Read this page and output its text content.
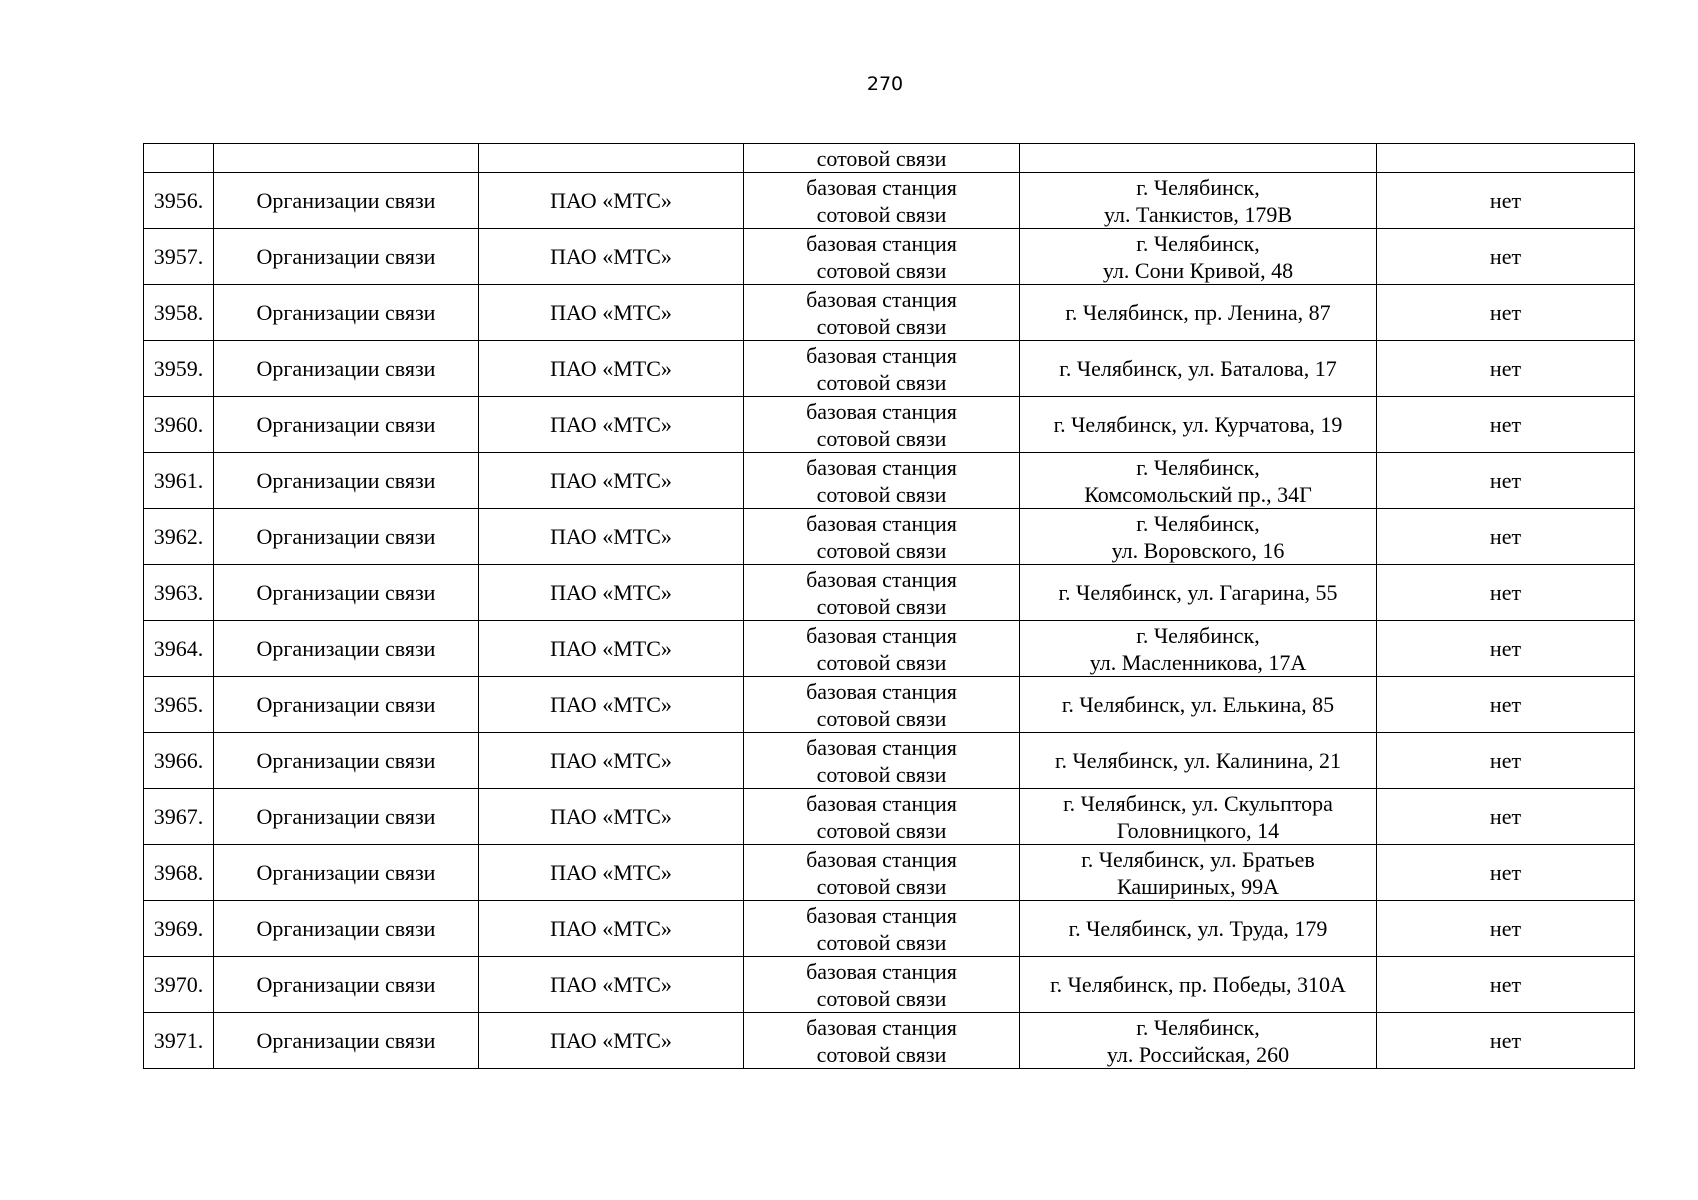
270
			сотовой связи		
3956.	Организации связи	ПАО «МТС»	базовая станция
сотовой связи	г. Челябинск,
ул. Танкистов, 179В	нет
3957.	Организации связи	ПАО «МТС»	базовая станция
сотовой связи	г. Челябинск,
ул. Сони Кривой, 48	нет
3958.	Организации связи	ПАО «МТС»	базовая станция
сотовой связи	г. Челябинск, пр. Ленина, 87	нет
3959.	Организации связи	ПАО «МТС»	базовая станция
сотовой связи	г. Челябинск, ул. Баталова, 17	нет
3960.	Организации связи	ПАО «МТС»	базовая станция
сотовой связи	г. Челябинск, ул. Курчатова, 19	нет
3961.	Организации связи	ПАО «МТС»	базовая станция
сотовой связи	г. Челябинск,
Комсомольский пр., 34Г	нет
3962.	Организации связи	ПАО «МТС»	базовая станция
сотовой связи	г. Челябинск,
ул. Воровского, 16	нет
3963.	Организации связи	ПАО «МТС»	базовая станция
сотовой связи	г. Челябинск, ул. Гагарина, 55	нет
3964.	Организации связи	ПАО «МТС»	базовая станция
сотовой связи	г. Челябинск,
ул. Масленникова, 17А	нет
3965.	Организации связи	ПАО «МТС»	базовая станция
сотовой связи	г. Челябинск, ул. Елькина, 85	нет
3966.	Организации связи	ПАО «МТС»	базовая станция
сотовой связи	г. Челябинск, ул. Калинина, 21	нет
3967.	Организации связи	ПАО «МТС»	базовая станция
сотовой связи	г. Челябинск, ул. Скульптора
Головницкого, 14	нет
3968.	Организации связи	ПАО «МТС»	базовая станция
сотовой связи	г. Челябинск, ул. Братьев
Кашириных, 99А	нет
3969.	Организации связи	ПАО «МТС»	базовая станция
сотовой связи	г. Челябинск, ул. Труда, 179	нет
3970.	Организации связи	ПАО «МТС»	базовая станция
сотовой связи	г. Челябинск, пр. Победы, 310А	нет
3971.	Организации связи	ПАО «МТС»	базовая станция
сотовой связи	г. Челябинск,
ул. Российская, 260	нет
